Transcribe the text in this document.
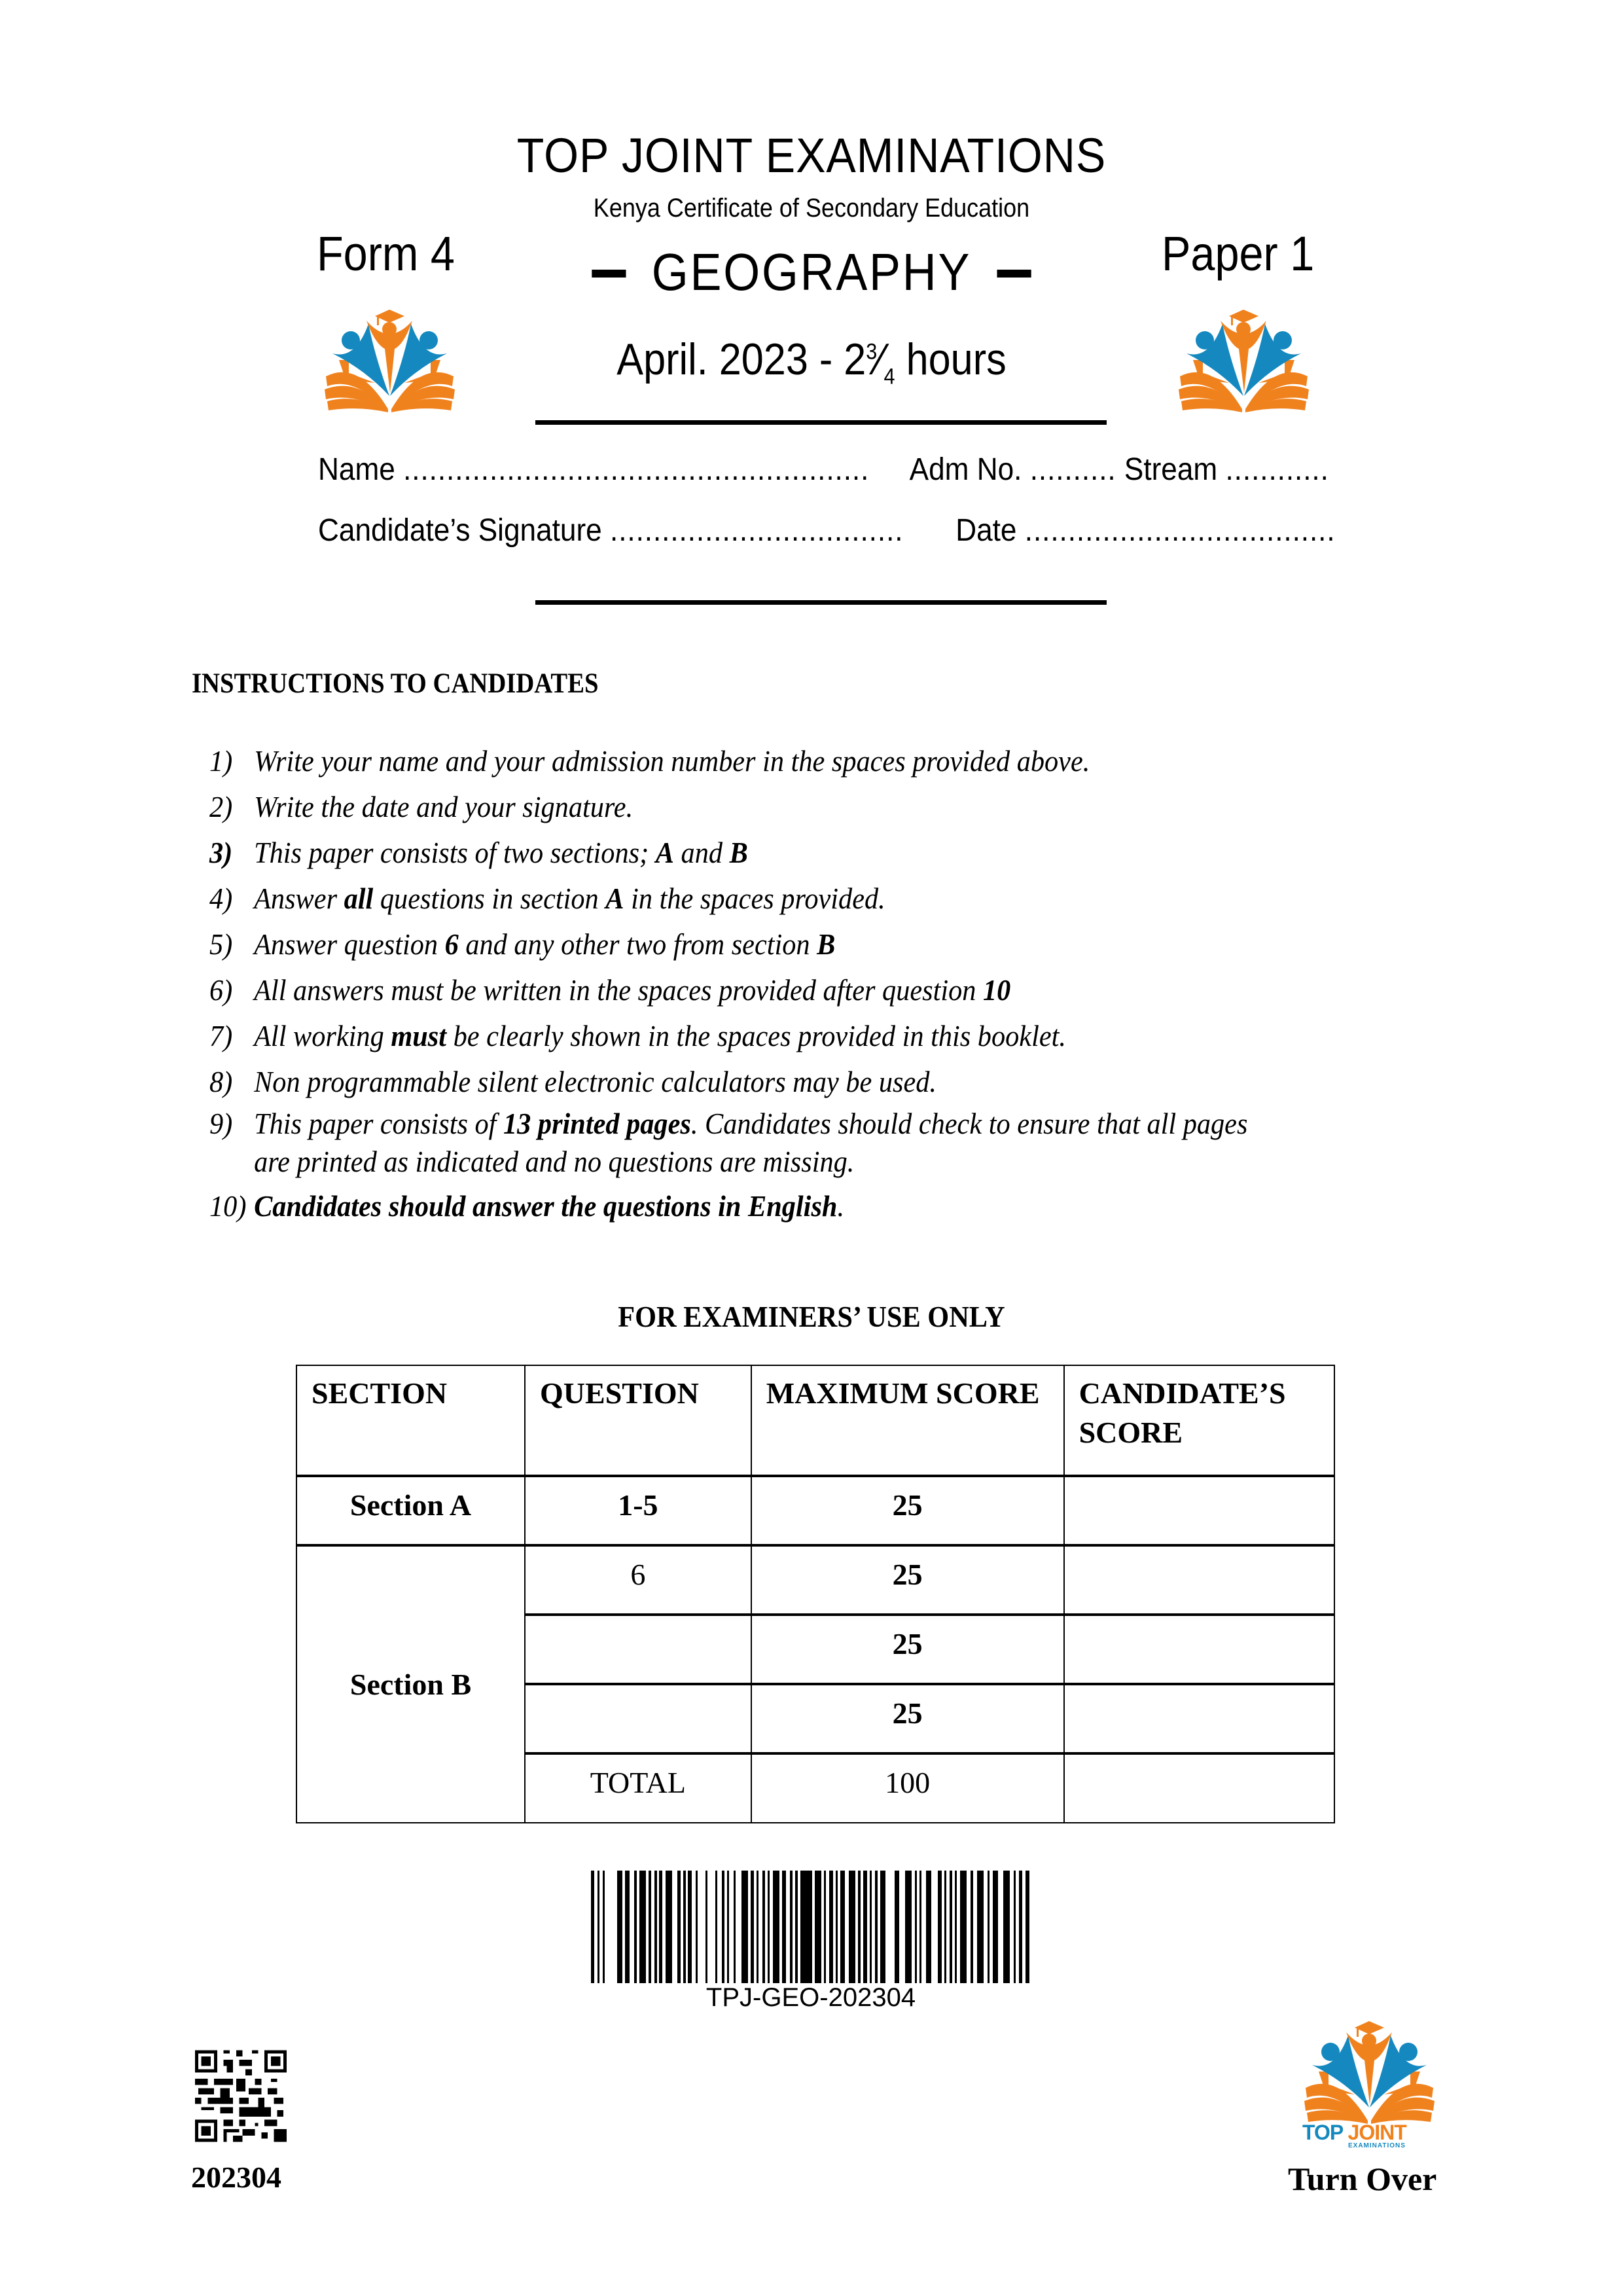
TOP JOINT EXAMINATIONS
Kenya Certificate of Secondary Education
Form 4	Paper 1
GEOGRAPHY
April. $2023 - 2^3⁄_4$ hours
Name ...................................................... Adm No. .......... Stream ............
Candidate’s Signature .................................. Date ....................................
INSTRUCTIONS TO CANDIDATES
1) Write your name and your admission number in the spaces provided above.
2) Write the date and your signature.
3) This paper consists of two sections; A and B
4) Answer all questions in section A in the spaces provided.
5) Answer question 6 and any other two from section B
6) All answers must be written in the spaces provided after question 10
7) All working must be clearly shown in the spaces provided in this booklet.
8) Non programmable silent electronic calculators may be used.
9) This paper consists of 13 printed pages. Candidates should check to ensure that all pages
are printed as indicated and no questions are missing.
10) Candidates should answer the questions in English.
FOR EXAMINERS’ USE ONLY
SECTION	QUESTION	MAXIMUM SCORE	CANDIDATE’S SCORE
Section A	1-5	25	
Section B	6	25	
		25	
		25	
	TOTAL	100	
TPJ-GEO-202304
202304
TOP JOINT
EXAMINATIONS
Turn Over
